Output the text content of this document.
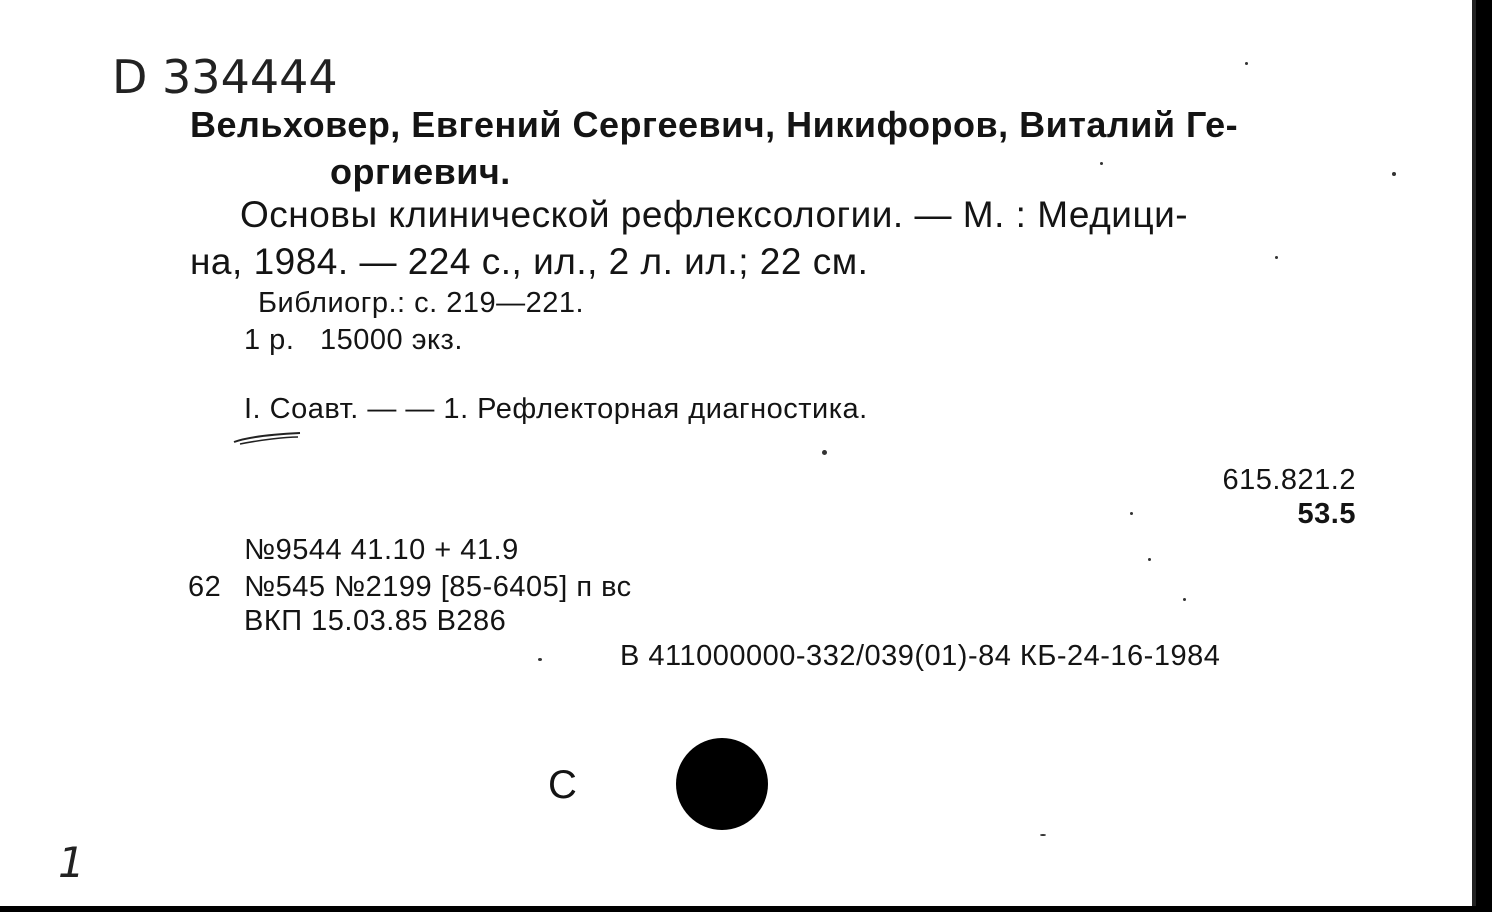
D 334444
Вельховер, Евгений Сергеевич, Никифоров, Виталий Ге-
оргиевич.
Основы клинической рефлексологии. — М. : Медици-
на, 1984. — 224 с., ил., 2 л. ил.; 22 см.
Библиогр.: с. 219—221.
1 р.   15000 экз.
I. Соавт. — — 1. Рефлекторная диагностика.
615.821.2
53.5
№9544 41.10 + 41.9
62 №545 №2199 [85-6405] п вс
ВКП 15.03.85 В286
В 411000000-332/039(01)-84 КБ-24-16-1984
С
1
